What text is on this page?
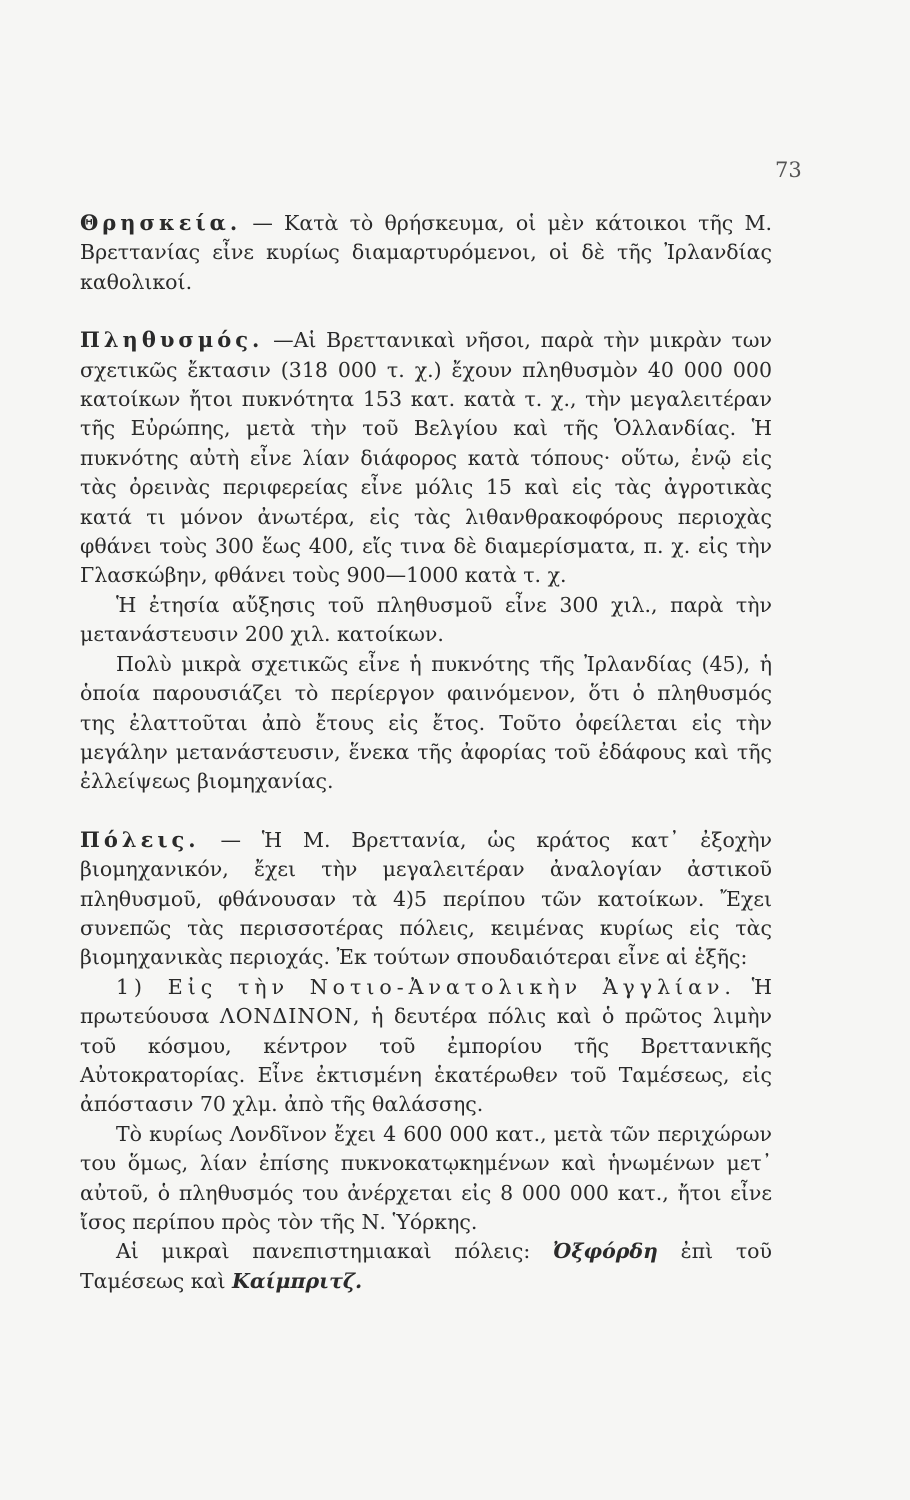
73

Θρησκεία. — Κατὰ τὸ θρήσκευμα, οἱ μὲν κάτοικοι τῆς Μ. Βρεττανίας εἶνε κυρίως διαμαρτυρόμενοι, οἱ δὲ τῆς Ἰρλανδίας καθολικοί.

Πληθυσμός. —Αἱ Βρεττανικαὶ νῆσοι, παρὰ τὴν μικρὰν των σχετικῶς ἔκτασιν (318 000 τ. χ.) ἔχουν πληθυσμὸν 40 000 000 κατοίκων ἤτοι πυκνότητα 153 κατ. κατὰ τ. χ., τὴν μεγαλειτέραν τῆς Εὐρώπης, μετὰ τὴν τοῦ Βελγίου καὶ τῆς Ὁλλανδίας. Ἡ πυκνότης αὐτὴ εἶνε λίαν διάφορος κατὰ τόπους· οὕτω, ἐνῷ εἰς τὰς ὀρεινὰς περιφερείας εἶνε μόλις 15 καὶ εἰς τὰς ἀγροτικὰς κατά τι μόνον ἀνωτέρα, εἰς τὰς λιθανθρακοφόρους περιοχὰς φθάνει τοὺς 300 ἕως 400, εἴς τινα δὲ διαμερίσματα, π. χ. εἰς τὴν Γλασκώβην, φθάνει τοὺς 900—1000 κατὰ τ. χ.

Ἡ ἐτησία αὔξησις τοῦ πληθυσμοῦ εἶνε 300 χιλ., παρὰ τὴν μετανάστευσιν 200 χιλ. κατοίκων.

Πολὺ μικρὰ σχετικῶς εἶνε ἡ πυκνότης τῆς Ἰρλανδίας (45), ἡ ὁποία παρουσιάζει τὸ περίεργον φαινόμενον, ὅτι ὁ πληθυσμός της ἐλαττοῦται ἀπὸ ἔτους εἰς ἔτος. Τοῦτο ὀφείλεται εἰς τὴν μεγάλην μετανάστευσιν, ἕνεκα τῆς ἀφορίας τοῦ ἐδάφους καὶ τῆς ἐλλείψεως βιομηχανίας.

Πόλεις. — Ἡ Μ. Βρεττανία, ὡς κράτος κατ᾽ ἐξοχὴν βιομηχανικόν, ἔχει τὴν μεγαλειτέραν ἀναλογίαν ἀστικοῦ πληθυσμοῦ, φθάνουσαν τὰ 4)5 περίπου τῶν κατοίκων. Ἔχει συνεπῶς τὰς περισσοτέρας πόλεις, κειμένας κυρίως εἰς τὰς βιομηχανικὰς περιοχάς. Ἐκ τούτων σπουδαιότεραι εἶνε αἱ ἑξῆς:

1) Εἰς τὴν Νοτιο-Ἀνατολικὴν Ἀγγλίαν. Ἡ πρωτεύουσα ΛΟΝΔΙΝΟΝ, ἡ δευτέρα πόλις καὶ ὁ πρῶτος λιμὴν τοῦ κόσμου, κέντρον τοῦ ἐμπορίου τῆς Βρεττανικῆς Αὐτοκρατορίας. Εἶνε ἐκτισμένη ἑκατέρωθεν τοῦ Ταμέσεως, εἰς ἀπόστασιν 70 χλμ. ἀπὸ τῆς θαλάσσης.

Τὸ κυρίως Λονδῖνον ἔχει 4 600 000 κατ., μετὰ τῶν περιχώρων του ὅμως, λίαν ἐπίσης πυκνοκατῳκημένων καὶ ἡνωμένων μετ᾽ αὐτοῦ, ὁ πληθυσμός του ἀνέρχεται εἰς 8 000 000 κατ., ἤτοι εἶνε ἴσος περίπου πρὸς τὸν τῆς Ν. Ὑόρκης.

Αἱ μικραὶ πανεπιστημιακαὶ πόλεις: Ὀξφόρδη ἐπὶ τοῦ Ταμέσεως καὶ Καίμπριτζ.
